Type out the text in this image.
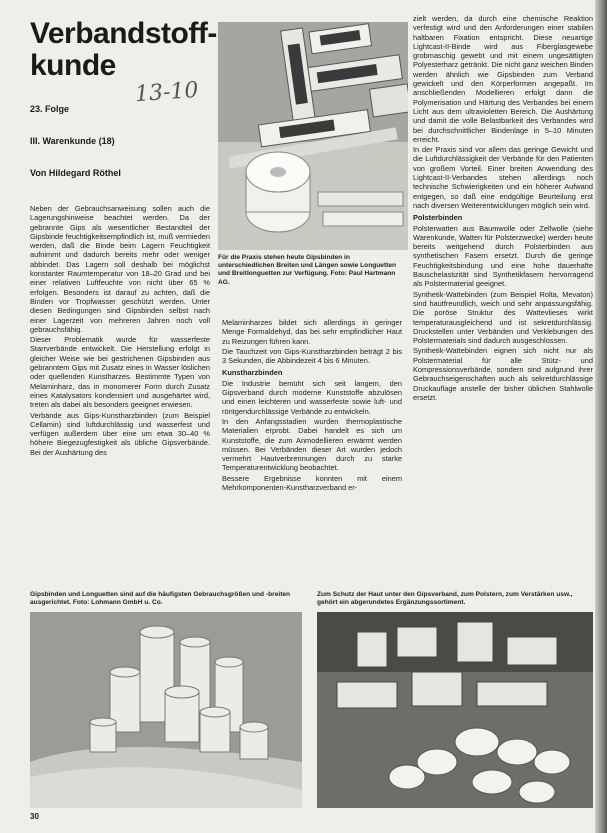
Verbandstoff-
kunde
13-10
23. Folge
III. Warenkunde (18)
Von Hildegard Röthel
Für die Praxis stehen heute Gipsbinden in unterschiedlichen Breiten und Längen sowie Longuetten und Breitlonguetten zur Verfügung. Foto: Paul Hartmann AG.

Neben der Gebrauchsanweisung sollen auch die Lagerungshinweise beachtet werden. Da der gebrannte Gips als wesentlicher Bestandteil der Gipsbinde feuchtigkeitsempfindlich ist, muß vermieden werden, daß die Binde beim Lagern Feuchtigkeit aufnimmt und dadurch bereits mehr oder weniger abbindet. Das Lagern soll deshalb bei möglichst konstanter Raumtemperatur von 18–20 Grad und bei einer relativen Luftfeuchte von nicht über 65 % erfolgen. Besonders ist darauf zu achten, daß die Binden vor Tropfwasser geschützt werden. Unter diesen Bedingungen sind Gipsbinden selbst nach einer Lagerzeit von mehreren Jahren noch voll gebrauchsfähig.

Dieser Problematik wurde für wasserfeste Starrverbände entwickelt. Die Herstellung erfolgt in gleicher Weise wie bei gestrichenen Gipsbinden aus gebranntem Gips mit Zusatz eines in Wasser löslichen oder quellenden Kunstharzes. Bestimmte Typen von Melaminharz, das in monomerer Form durch Zusatz eines Katalysators kondensiert und ausgehärtet wird, treten als dabei als besonders geeignet erwiesen.

Verbände aus Gips-Kunstharzbinden (zum Beispiel Cellamin) sind luftdurchlässig und wasserfest und verfügen außerdem über eine um etwa 30–40 % höhere Biegezugfestigkeit als übliche Gipsverbände. Bei der Aushärtung des

Melaminharzes bildet sich allerdings in geringer Menge Formaldehyd, das bei sehr empfindlicher Haut zu Reizungen führen kann.

Die Tauchzeit von Gips-Kunstharzbinden beträgt 2 bis 3 Sekunden, die Abbindezeit 4 bis 6 Minuten.

Kunstharzbinden

Die Industrie bemüht sich seit langem, den Gipsverband durch moderne Kunststoffe abzulösen und einen leichteren und wasserfeste sowie luft- und röntgendurchlässige Verbände zu entwickeln.

In den Anfangsstadien wurden thermoplastische Materialien erprobt. Dabei handelt es sich um Kunststoffe, die zum Anmodellieren erwärmt werden müssen. Bei Verbänden dieser Art wurden jedoch vermehrt Hautverbrennungen durch zu starke Temperaturentwicklung beobachtet.

Bessere Ergebnisse konnten mit einem Mehrkomponenten-Kunstharzverband er-

zielt werden, da durch eine chemische Reaktion verfestigt wird und den Anforderungen einer stabilen haltbaren Fixation entspricht. Diese neuartige Lightcast-II-Binde wird aus Fiberglasgewebe grobmaschig gewebt und mit einem ungesättigten Polyesterharz getränkt. Die nicht ganz weichen Binden werden ähnlich wie Gipsbinden zum Verband gewickelt und den Körperformen angepaßt. Im anschließenden Modellieren erfolgt dann die Polymerisation und Härtung des Verbandes bei einem Licht aus dem ultravioletten Bereich. Die Aushärtung und damit die volle Belastbarkeit des Verbandes wird bei durchschnittlicher Bindenlage in 5–10 Minuten erreicht.

In der Praxis sind vor allem das geringe Gewicht und die Luftdurchlässigkeit der Verbände für den Patienten von großem Vorteil. Einer breiten Anwendung des Lightcast-II-Verbandes stehen allerdings noch technische Schwierigkeiten und ein höherer Aufwand entgegen, so daß eine endgültige Beurteilung erst nach diversen Weiterentwicklungen möglich sein wird.

Polsterbinden

Polsterwatten aus Baumwolle oder Zellwolle (siehe Warenkunde, Watten für Polsterzwecke) werden heute bereits weitgehend durch Polsterbinden aus synthetischen Fasern ersetzt. Durch die geringe Feuchtigkeitsbindung und eine hohe dauerhafte Bauschelastizität sind Synthetikfasern hervorragend als Polstermaterial geeignet.

Synthetik-Wattebinden (zum Beispiel Rolta, Mevaton) sind hautfreundlich, weich und sehr anpassungsfähig. Die poröse Struktur des Wattevlieses wirkt temperaturausgleichend und ist sekretdurchlässig. Druckstellen unter Verbänden und Verklebungen des Polstermaterials sind dadurch ausgeschlossen.

Synthetik-Wattebinden eignen sich nicht nur als Polstermaterial für alle Stütz- und Kompressionsverbände, sondern sind aufgrund ihrer Gebrauchseigenschaften auch als sekretdurchlässige Druckauflage anstelle der bisher üblichen Stahlwolle ersetzt.

Gipsbinden und Longuetten sind auf die häufigsten Gebrauchsgrößen und -breiten ausgerichtet. Foto: Lohmann GmbH u. Co.
Zum Schutz der Haut unter den Gipsverband, zum Polstern, zum Verstärken usw., gehört ein abgerundetes Ergänzungssortiment.
30
